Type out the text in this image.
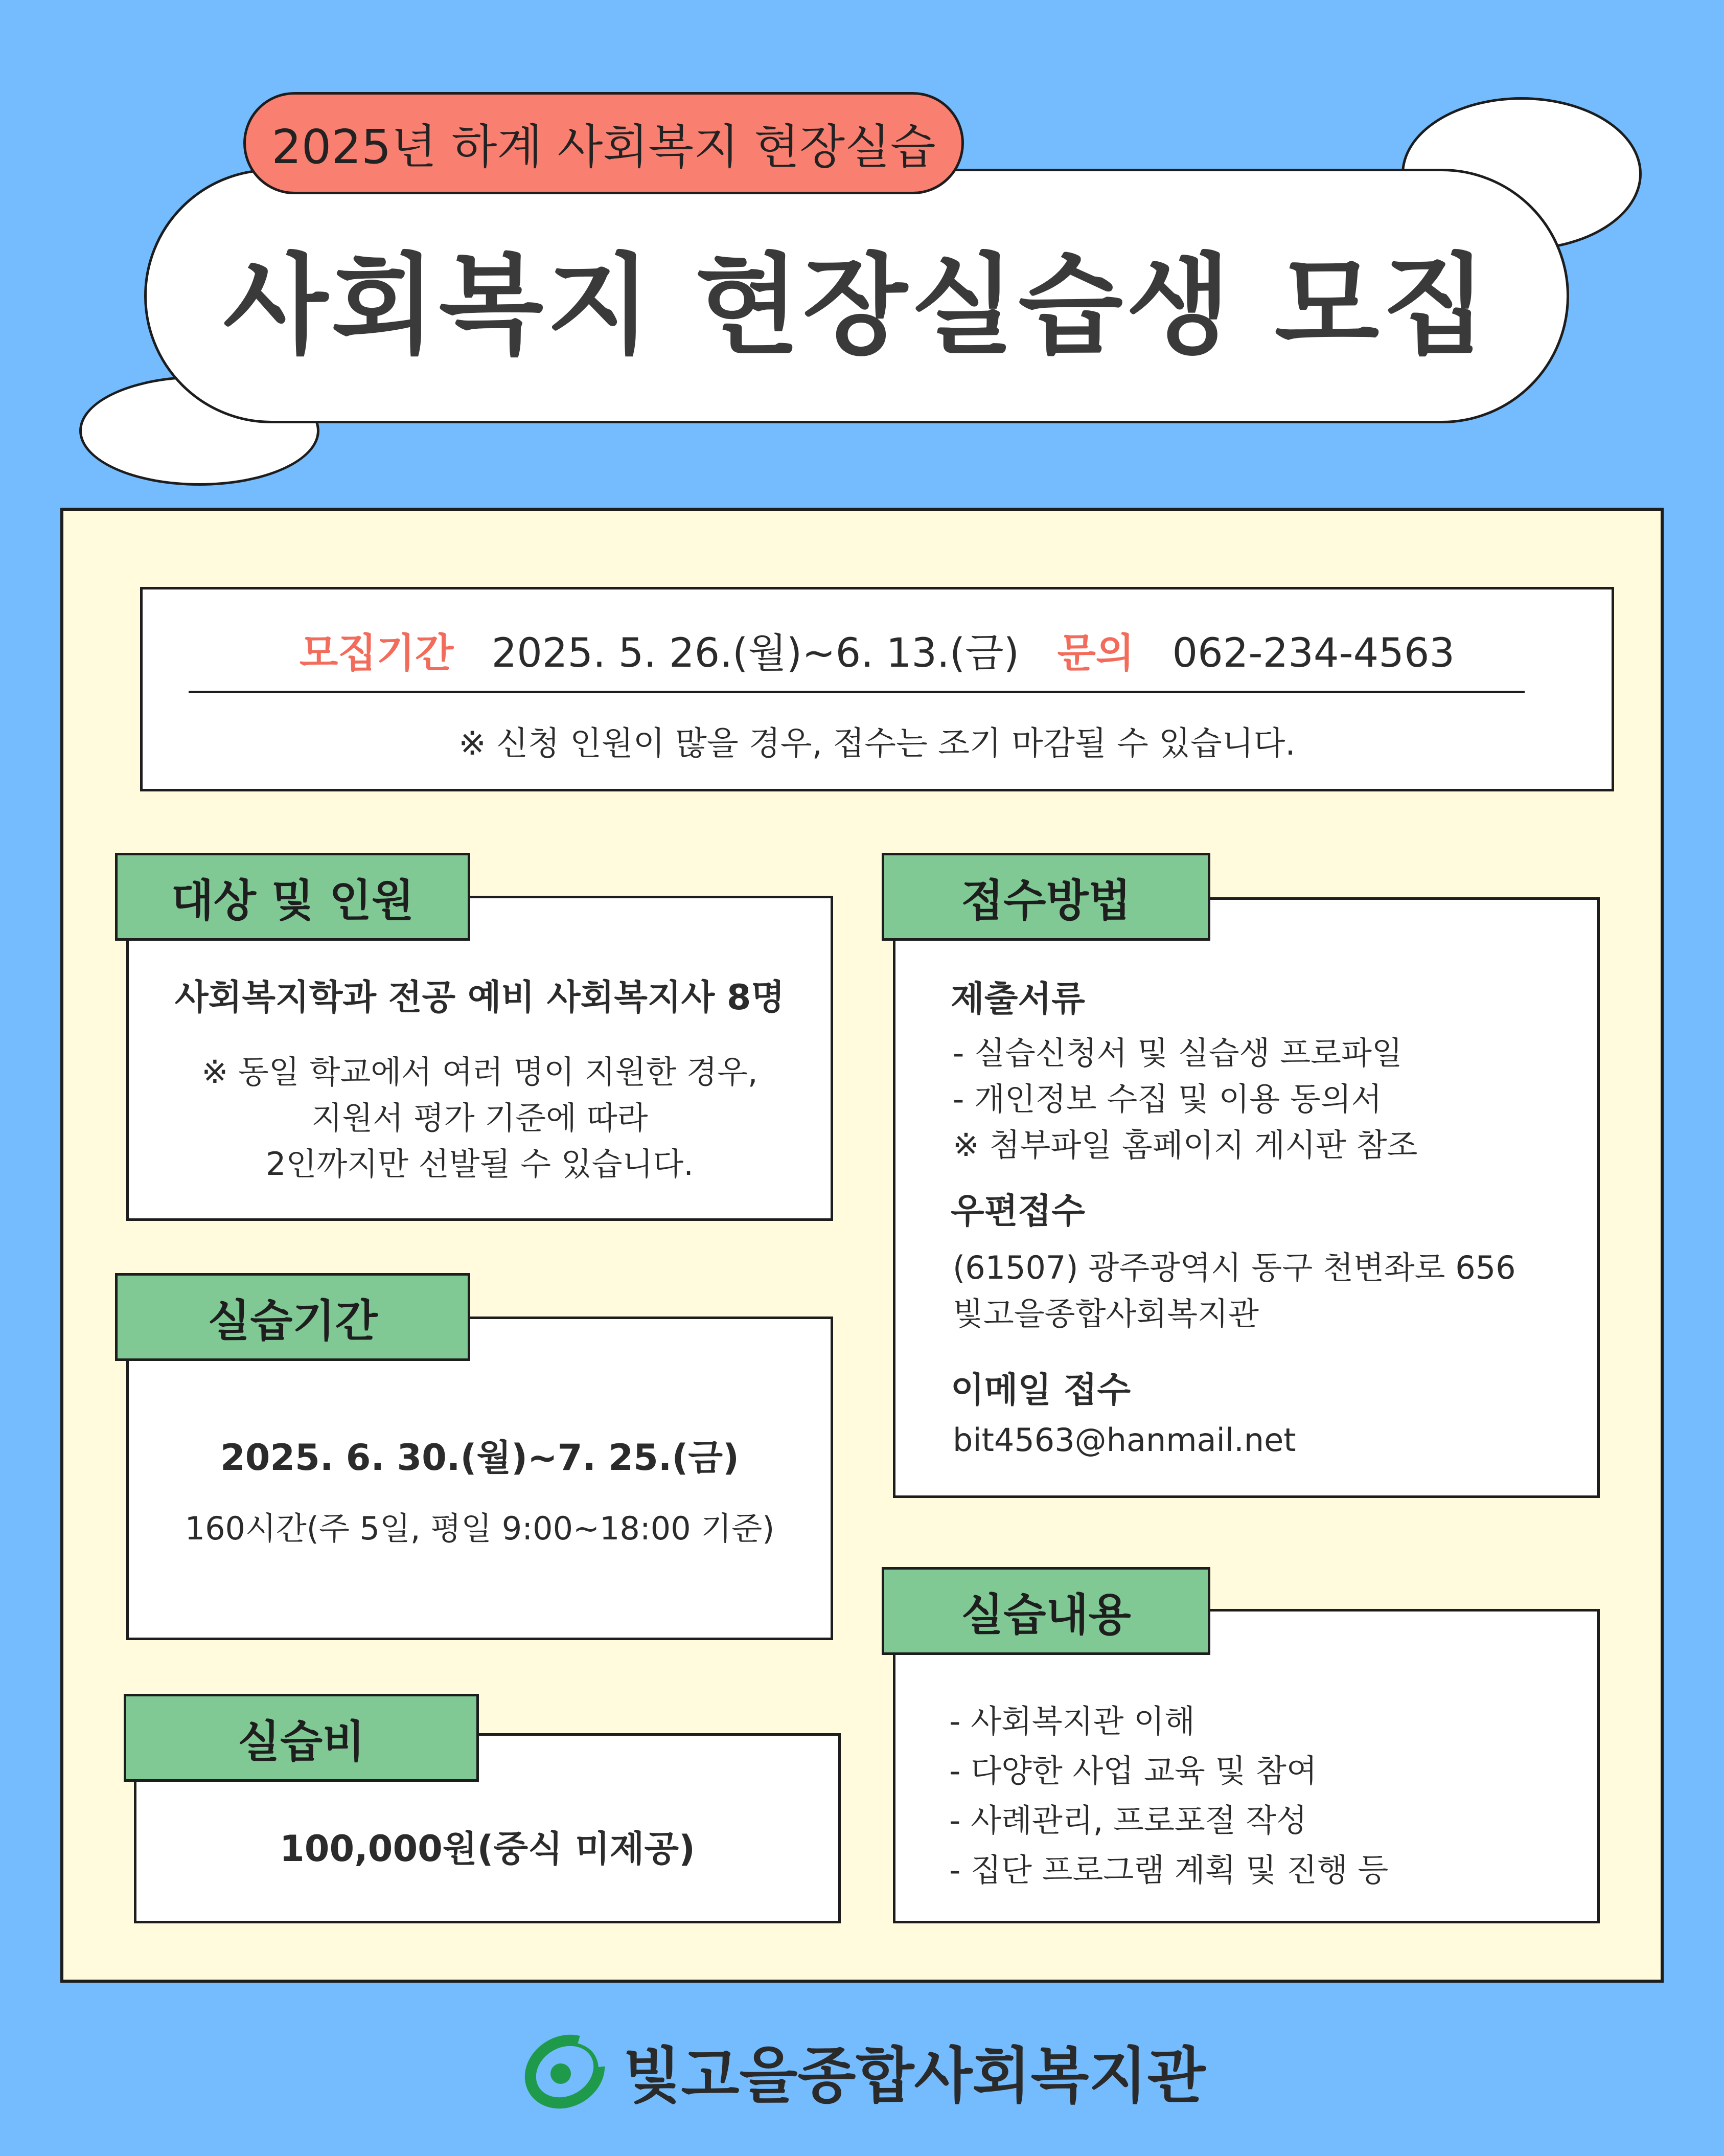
사회복지 현장실습생 모집
2025년 하계 사회복지 현장실습
모집기간 2025. 5. 26.(월)~6. 13.(금) 문의 062-234-4563
※ 신청 인원이 많을 경우, 접수는 조기 마감될 수 있습니다.
사회복지학과 전공 예비 사회복지사 8명
※ 동일 학교에서 여러 명이 지원한 경우,
지원서 평가 기준에 따라
2인까지만 선발될 수 있습니다.
대상 및 인원
2025. 6. 30.(월)~7. 25.(금)
160시간(주 5일, 평일 9:00~18:00 기준)
실습기간
100,000원(중식 미제공)
실습비
제출서류
- 실습신청서 및 실습생 프로파일
- 개인정보 수집 및 이용 동의서
※ 첨부파일 홈페이지 게시판 참조
우편접수
(61507) 광주광역시 동구 천변좌로 656
빛고을종합사회복지관
이메일 접수
bit4563@hanmail.net
접수방법
- 사회복지관 이해
- 다양한 사업 교육 및 참여
- 사례관리, 프로포절 작성
- 집단 프로그램 계획 및 진행 등
실습내용
빛고을종합사회복지관
